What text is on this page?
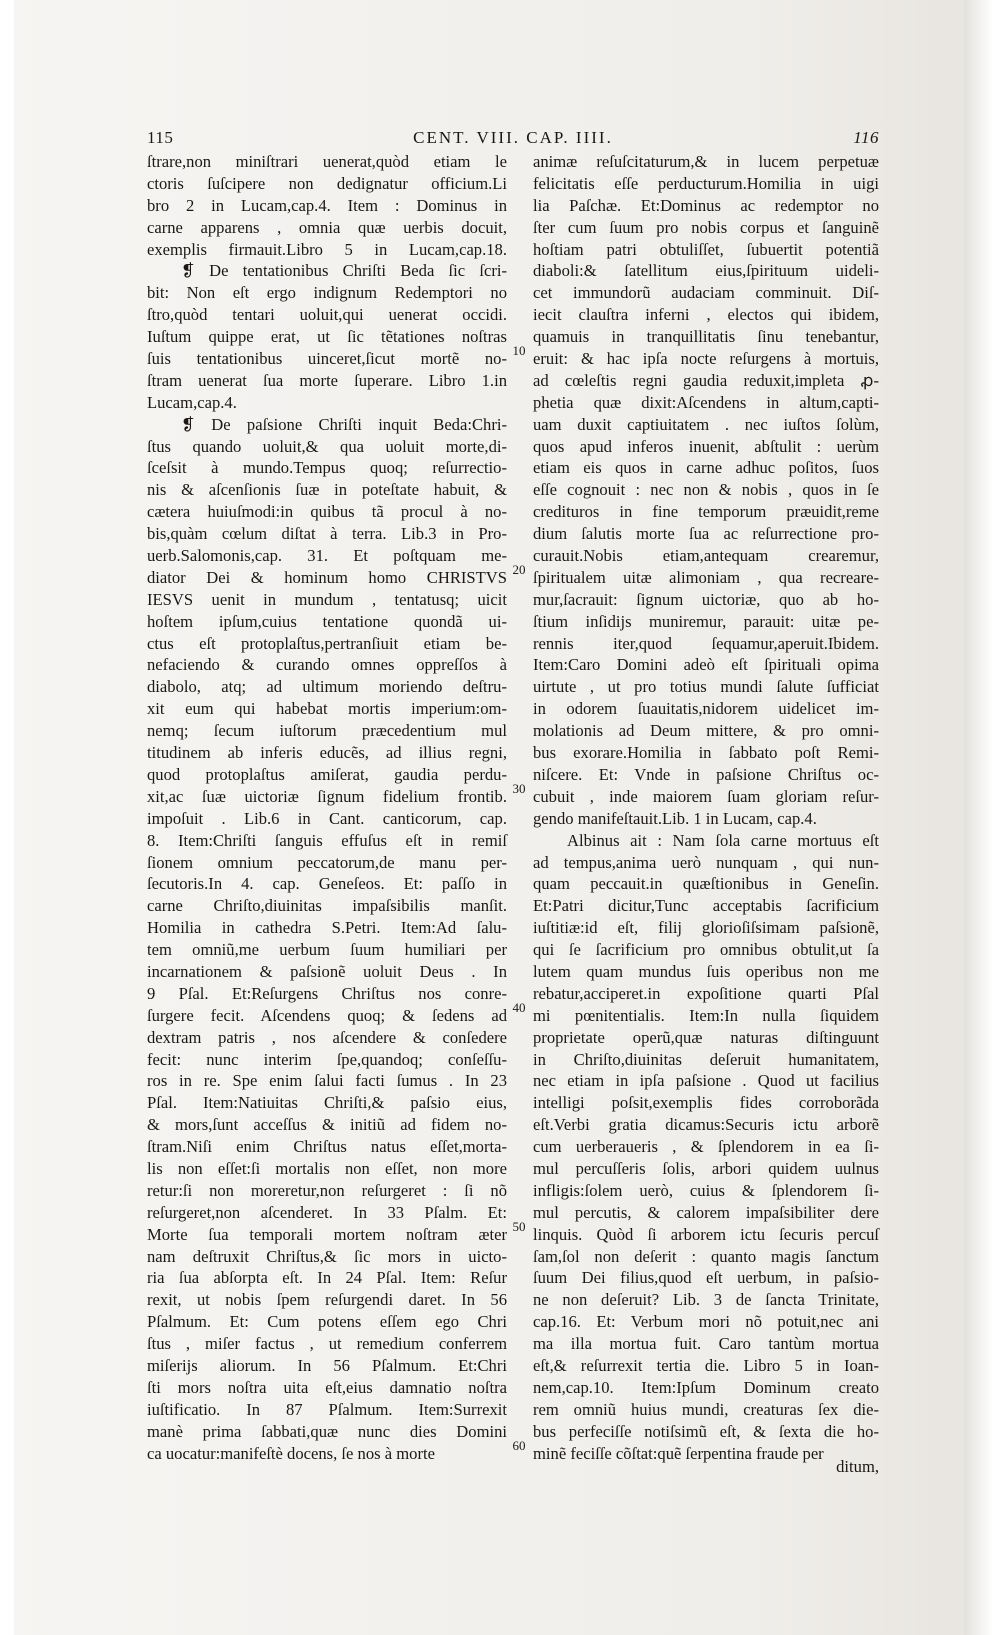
115	CENT. VIII. CAP. IIII.	116
ſtrare,non miniſtrari uenerat,quòd etiam le
ctoris ſuſcipere non dedignatur officium.Li
bro 2 in Lucam,cap.4. Item : Dominus in
carne apparens , omnia quæ uerbis docuit,
exemplis firmauit.Libro 5 in Lucam,cap.18.
❡ De tentationibus Chriſti Beda ſic ſcri-
bit: Non eſt ergo indignum Redemptori no
ſtro,quòd tentari uoluit,qui uenerat occidi.
Iuſtum quippe erat, ut ſic tẽtationes noſtras
ſuis tentationibus uinceret,ſicut mortẽ no-
ſtram uenerat ſua morte ſuperare. Libro 1.in
Lucam,cap.4.
❡ De paſsione Chriſti inquit Beda:Chri-
ſtus quando uoluit,& qua uoluit morte,di-
ſceſsit à mundo.Tempus quoq; reſurrectio-
nis & aſcenſionis ſuæ in poteſtate habuit, &
cætera huiuſmodi:in quibus tã procul à no-
bis,quàm cœlum diſtat à terra. Lib.3 in Pro-
uerb.Salomonis,cap. 31. Et poſtquam me-
diator Dei & hominum homo CHRISTVS
IESVS uenit in mundum , tentatusq; uicit
hoſtem ipſum,cuius tentatione quondã ui-
ctus eſt protoplaſtus,pertranſiuit etiam be-
nefaciendo & curando omnes oppreſſos à
diabolo, atq; ad ultimum moriendo deſtru-
xit eum qui habebat mortis imperium:om-
nemq; ſecum iuſtorum præcedentium mul
titudinem ab inferis educẽs, ad illius regni,
quod protoplaſtus amiſerat, gaudia perdu-
xit,ac ſuæ uictoriæ ſignum fidelium frontib.
impoſuit . Lib.6 in Cant. canticorum, cap.
8. Item:Chriſti ſanguis effuſus eſt in remiſ
ſionem omnium peccatorum,de manu per-
ſecutoris.In 4. cap. Geneſeos. Et: paſſo in
carne Chriſto,diuinitas impaſsibilis manſit.
Homilia in cathedra S.Petri. Item:Ad ſalu-
tem omniũ,me uerbum ſuum humiliari per
incarnationem & paſsionẽ uoluit Deus . In
9 Pſal. Et:Reſurgens Chriſtus nos conre-
ſurgere fecit. Aſcendens quoq; & ſedens ad
dextram patris , nos aſcendere & conſedere
fecit: nunc interim ſpe,quandoq; conſeſſu-
ros in re. Spe enim ſalui facti ſumus . In 23
Pſal. Item:Natiuitas Chriſti,& paſsio eius,
& mors,ſunt acceſſus & initiũ ad fidem no-
ſtram.Niſi enim Chriſtus natus eſſet,morta-
lis non eſſet:ſi mortalis non eſſet, non more
retur:ſi non moreretur,non reſurgeret : ſi nõ
reſurgeret,non aſcenderet. In 33 Pſalm. Et:
Morte ſua temporali mortem noſtram æter
nam deſtruxit Chriſtus,& ſic mors in uicto-
ria ſua abſorpta eſt. In 24 Pſal. Item: Reſur
rexit, ut nobis ſpem reſurgendi daret. In 56
Pſalmum. Et: Cum potens eſſem ego Chri
ſtus , miſer factus , ut remedium conferrem
miſerijs aliorum. In 56 Pſalmum. Et:Chri
ſti mors noſtra uita eſt,eius damnatio noſtra
iuſtificatio. In 87 Pſalmum. Item:Surrexit
manè prima ſabbati,quæ nunc dies Domini
ca uocatur:manifeſtè docens, ſe nos à morte
animæ reſuſcitaturum,& in lucem perpetuæ
felicitatis eſſe perducturum.Homilia in uigi
lia Paſchæ. Et:Dominus ac redemptor no
ſter cum ſuum pro nobis corpus et ſanguinẽ
hoſtiam patri obtuliſſet, ſubuertit potentiã
diaboli:& ſatellitum eius,ſpirituum uideli-
cet immundorũ audaciam comminuit. Diſ-
iecit clauſtra inferni , electos qui ibidem,
quamuis in tranquillitatis ſinu tenebantur,
eruit: & hac ipſa nocte reſurgens à mortuis,
ad cœleſtis regni gaudia reduxit,impleta ꝓ-
phetia quæ dixit:Aſcendens in altum,capti-
uam duxit captiuitatem . nec iuſtos ſolùm,
quos apud inferos inuenit, abſtulit : uerùm
etiam eis quos in carne adhuc poſitos, ſuos
eſſe cognouit : nec non & nobis , quos in ſe
credituros in fine temporum præuidit,reme
dium ſalutis morte ſua ac reſurrectione pro-
curauit.Nobis etiam,antequam crearemur,
ſpiritualem uitæ alimoniam , qua recreare-
mur,ſacrauit: ſignum uictoriæ, quo ab ho-
ſtium inſidijs muniremur, parauit: uitæ pe-
rennis iter,quod ſequamur,aperuit.Ibidem.
Item:Caro Domini adeò eſt ſpirituali opima
uirtute , ut pro totius mundi ſalute ſufficiat
in odorem ſuauitatis,nidorem uidelicet im-
molationis ad Deum mittere, & pro omni-
bus exorare.Homilia in ſabbato poſt Remi-
niſcere. Et: Vnde in paſsione Chriſtus oc-
cubuit , inde maiorem ſuam gloriam reſur-
gendo manifeſtauit.Lib. 1 in Lucam, cap.4.
Albinus ait : Nam ſola carne mortuus eſt
ad tempus,anima uerò nunquam , qui nun-
quam peccauit.in quæſtionibus in Geneſin.
Et:Patri dicitur,Tunc acceptabis ſacrificium
iuſtitiæ:id eſt, filij glorioſiſsimam paſsionẽ,
qui ſe ſacrificium pro omnibus obtulit,ut ſa
lutem quam mundus ſuis operibus non me
rebatur,acciperet.in expoſitione quarti Pſal
mi pœnitentialis. Item:In nulla ſiquidem
proprietate operũ,quæ naturas diſtinguunt
in Chriſto,diuinitas deſeruit humanitatem,
nec etiam in ipſa paſsione . Quod ut facilius
intelligi poſsit,exemplis fides corroborãda
eſt.Verbi gratia dicamus:Securis ictu arborẽ
cum uerberaueris , & ſplendorem in ea ſi-
mul percuſſeris ſolis, arbori quidem uulnus
infligis:ſolem uerò, cuius & ſplendorem ſi-
mul percutis, & calorem impaſsibiliter dere
linquis. Quòd ſi arborem ictu ſecuris percuſ
ſam,ſol non deſerit : quanto magis ſanctum
ſuum Dei filius,quod eſt uerbum, in paſsio-
ne non deſeruit? Lib. 3 de ſancta Trinitate,
cap.16. Et: Verbum mori nõ potuit,nec ani
ma illa mortua fuit. Caro tantùm mortua
eſt,& reſurrexit tertia die. Libro 5 in Ioan-
nem,cap.10. Item:Ipſum Dominum creato
rem omniũ huius mundi, creaturas ſex die-
bus perfeciſſe notiſsimũ eſt, & ſexta die ho-
minẽ feciſſe cõſtat:quẽ ſerpentina fraude per
10
20
30
40
50
60
ditum,
